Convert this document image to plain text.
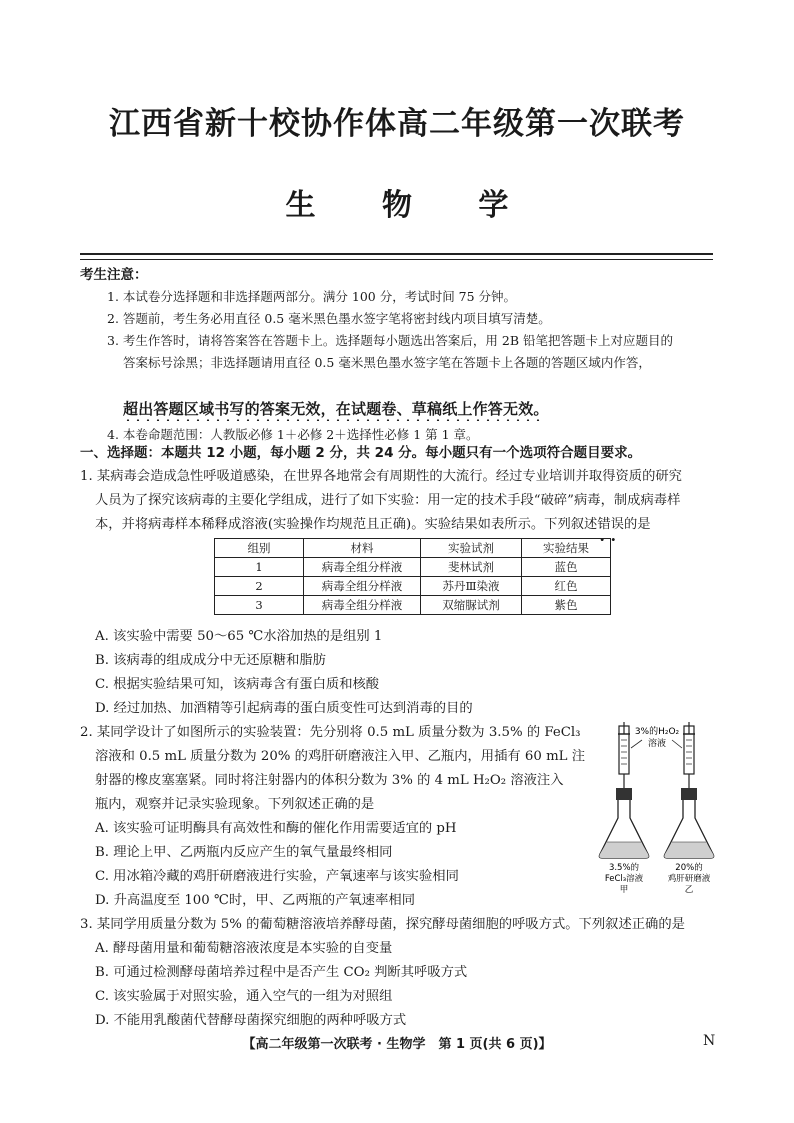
江西省新十校协作体高二年级第一次联考
生 物 学
考生注意：
1. 本试卷分选择题和非选择题两部分。满分 100 分，考试时间 75 分钟。
2. 答题前，考生务必用直径 0.5 毫米黑色墨水签字笔将密封线内项目填写清楚。
3. 考生作答时，请将答案答在答题卡上。选择题每小题选出答案后，用 2B 铅笔把答题卡上对应题目的
答案标号涂黑；非选择题请用直径 0.5 毫米黑色墨水签字笔在答题卡上各题的答题区域内作答，
超出答题区域书写的答案无效，在试题卷、草稿纸上作答无效。
4. 本卷命题范围：人教版必修 1＋必修 2＋选择性必修 1 第 1 章。
一、选择题：本题共 12 小题，每小题 2 分，共 24 分。每小题只有一个选项符合题目要求。
1. 某病毒会造成急性呼吸道感染，在世界各地常会有周期性的大流行。经过专业培训并取得资质的研究
人员为了探究该病毒的主要化学组成，进行了如下实验：用一定的技术手段“破碎”病毒，制成病毒样
本，并将病毒样本稀释成溶液(实验操作均规范且正确)。实验结果如表所示。下列叙述错误 · ·的是
组别	材料	实验试剂	实验结果
1	病毒全组分样液	斐林试剂	蓝色
2	病毒全组分样液	苏丹Ⅲ染液	红色
3	病毒全组分样液	双缩脲试剂	紫色
A. 该实验中需要 50～65 ℃水浴加热的是组别 1
B. 该病毒的组成成分中无还原糖和脂肪
C. 根据实验结果可知，该病毒含有蛋白质和核酸
D. 经过加热、加酒精等引起病毒的蛋白质变性可达到消毒的目的
2. 某同学设计了如图所示的实验装置：先分别将 0.5 mL 质量分数为 3.5% 的 FeCl₃
溶液和 0.5 mL 质量分数为 20% 的鸡肝研磨液注入甲、乙瓶内，用插有 60 mL 注
射器的橡皮塞塞紧。同时将注射器内的体积分数为 3% 的 4 mL H₂O₂ 溶液注入
瓶内，观察并记录实验现象。下列叙述正确的是
A. 该实验可证明酶具有高效性和酶的催化作用需要适宜的 pH
B. 理论上甲、乙两瓶内反应产生的氧气量最终相同
C. 用冰箱冷藏的鸡肝研磨液进行实验，产氧速率与该实验相同
D. 升高温度至 100 ℃时，甲、乙两瓶的产氧速率相同
3%的H₂O₂
溶液
3.5%的
FeCl₃溶液
甲
20%的
鸡肝研磨液
乙
3. 某同学用质量分数为 5% 的葡萄糖溶液培养酵母菌，探究酵母菌细胞的呼吸方式。下列叙述正确的是
A. 酵母菌用量和葡萄糖溶液浓度是本实验的自变量
B. 可通过检测酵母菌培养过程中是否产生 CO₂ 判断其呼吸方式
C. 该实验属于对照实验，通入空气的一组为对照组
D. 不能用乳酸菌代替酵母菌探究细胞的两种呼吸方式
【高二年级第一次联考 · 生物学　第 1 页(共 6 页)】	N
